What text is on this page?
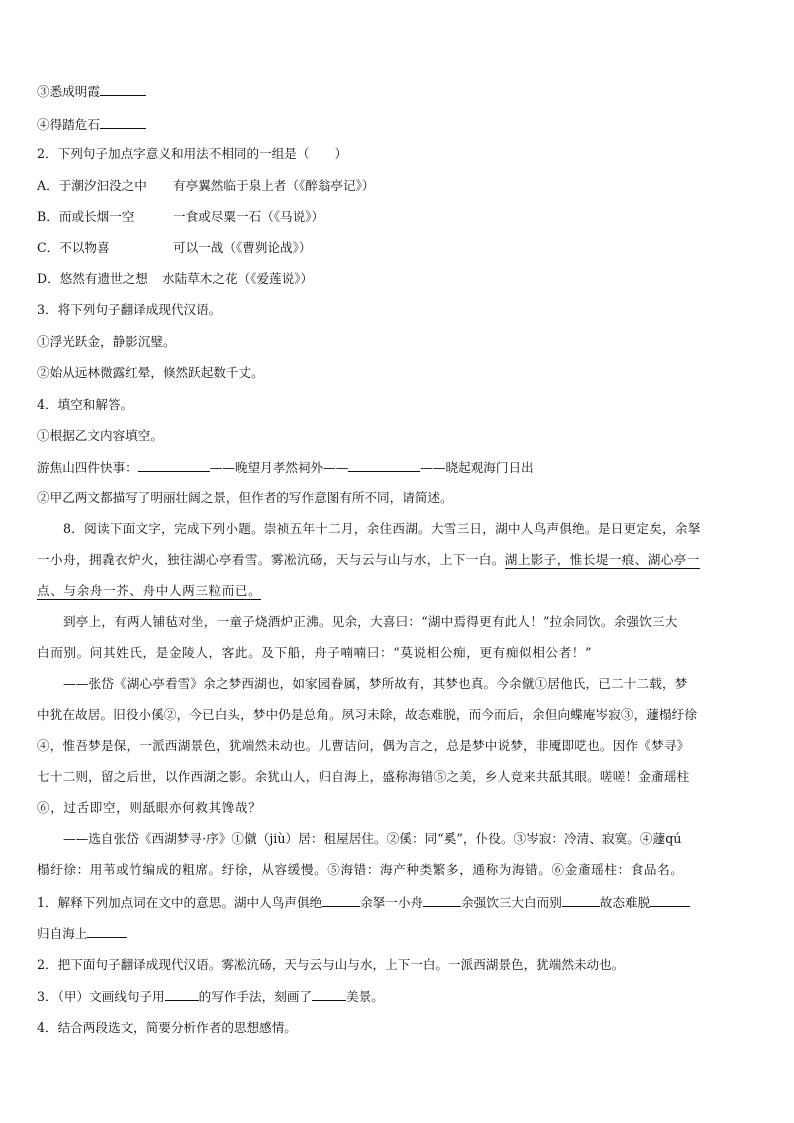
③悉成明霞
④得踏危石
2．下列句子加点字意义和用法不相同的一组是（　　）
A．于潮汐汩没之中 有亭翼然临于泉上者（《醉翁亭记》）
B．而或长烟一空	一食或尽粟一石（《马说》）
C．不以物喜	可以一战（《曹刿论战》）
D．悠然有遗世之想 水陆草木之花（《爱莲说》）
3．将下列句子翻译成现代汉语。
①浮光跃金，静影沉璧。
②始从远林微露红晕，倏然跃起数千丈。
4．填空和解答。
①根据乙文内容填空。
游焦山四件快事：	——晚望月孝然祠外——	——晓起观海门日出
②甲乙两文都描写了明丽壮阔之景，但作者的写作意图有所不同，请简述。
8．阅读下面文字，完成下列小题。崇祯五年十二月，余住西湖。大雪三日，湖中人鸟声俱绝。是日更定矣，余拏
一小舟，拥毳衣炉火，独往湖心亭看雪。雾凇沆砀，天与云与山与水，上下一白。湖上影子，惟长堤一痕、湖心亭一
点、与余舟一芥、舟中人两三粒而已。
到亭上，有两人铺毡对坐，一童子烧酒炉正沸。见余，大喜曰：“湖中焉得更有此人！”拉余同饮。余强饮三大
白而别。问其姓氏，是金陵人，客此。及下船，舟子喃喃曰：“莫说相公痴，更有痴似相公者！”
——张岱《湖心亭看雪》余之梦西湖也，如家园眷属，梦所故有，其梦也真。今余僦①居他氏，已二十二载，梦
中犹在故居。旧役小傒②，今已白头，梦中仍是总角。夙习未除，故态难脱，而今而后，余但向蝶庵岑寂③，蘧榻纡徐
④，惟吾梦是保，一派西湖景色，犹端然未动也。儿曹诘问，偶为言之，总是梦中说梦，非魇即呓也。因作《梦寻》
七十二则，留之后世，以作西湖之影。余犹山人，归自海上，盛称海错⑤之美，乡人竞来共舐其眼。嗟嗟！金齑瑶柱
⑥，过舌即空，则舐眼亦何救其馋哉？
——选自张岱《西湖梦寻·序》①僦（jiù）居：租屋居住。②傒：同“奚”，仆役。③岑寂：冷清、寂寞。④蘧qú
榻纡徐：用苇或竹编成的粗席。纡徐，从容缓慢。⑤海错：海产种类繁多，通称为海错。⑥金齑瑶柱：食品名。
1．解释下列加点词在文中的意思。湖中人鸟声俱绝	余拏一小舟	余强饮三大白而别	故态难脱
归自海上
2．把下面句子翻译成现代汉语。雾凇沆砀，天与云与山与水，上下一白。一派西湖景色，犹端然未动也。
3．（甲）文画线句子用	的写作手法，刻画了	美景。
4．结合两段选文，简要分析作者的思想感情。
